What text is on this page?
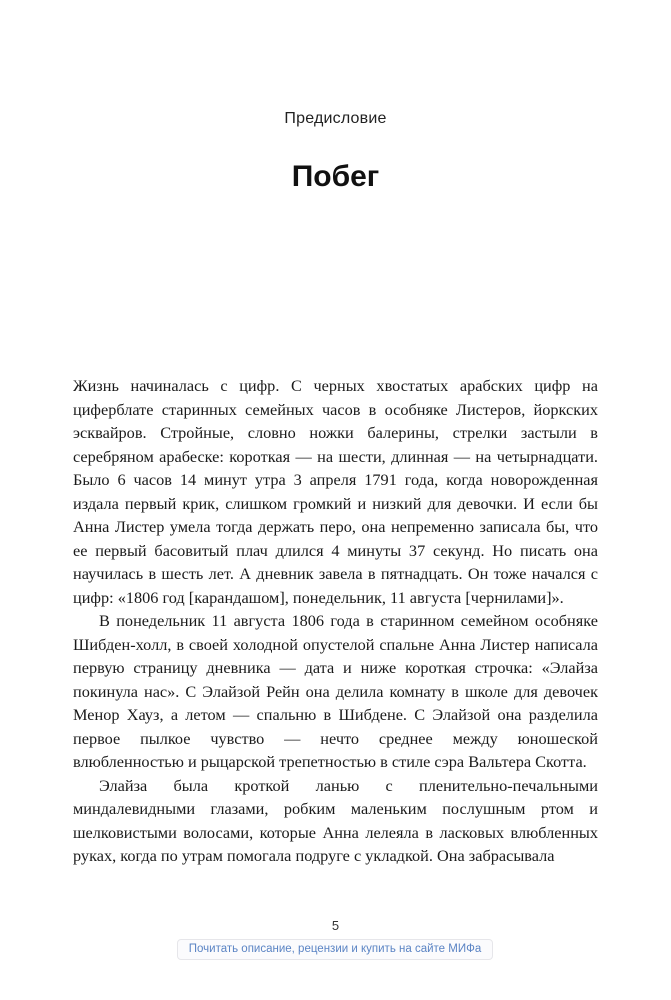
Предисловие
Побег

Жизнь начиналась с цифр. С черных хвостатых арабских цифр на циферблате старинных семейных часов в особняке Листеров, йоркских эсквайров. Стройные, словно ножки балерины, стрелки застыли в серебряном арабеске: короткая — на шести, длинная — на четырнадцати. Было 6 часов 14 минут утра 3 апреля 1791 года, когда новорожденная издала первый крик, слишком громкий и низкий для девочки. И если бы Анна Листер умела тогда держать перо, она непременно записала бы, что ее первый басовитый плач длился 4 минуты 37 секунд. Но писать она научилась в шесть лет. А дневник завела в пятнадцать. Он тоже начался с цифр: «1806 год [карандашом], понедельник, 11 августа [чернилами]».

В понедельник 11 августа 1806 года в старинном семейном особняке Шибден-холл, в своей холодной опустелой спальне Анна Листер написала первую страницу дневника — дата и ниже короткая строчка: «Элайза покинула нас». С Элайзой Рейн она делила комнату в школе для девочек Менор Хауз, а летом — спальню в Шибдене. С Элайзой она разделила первое пылкое чувство — нечто среднее между юношеской влюбленностью и рыцарской трепетностью в стиле сэра Вальтера Скотта.

Элайза была кроткой ланью с пленительно-печальными миндалевидными глазами, робким маленьким послушным ртом и шелковистыми волосами, которые Анна лелеяла в ласковых влюбленных руках, когда по утрам помогала подруге с укладкой. Она забрасывала

5
Почитать описание, рецензии и купить на сайте МИФа
